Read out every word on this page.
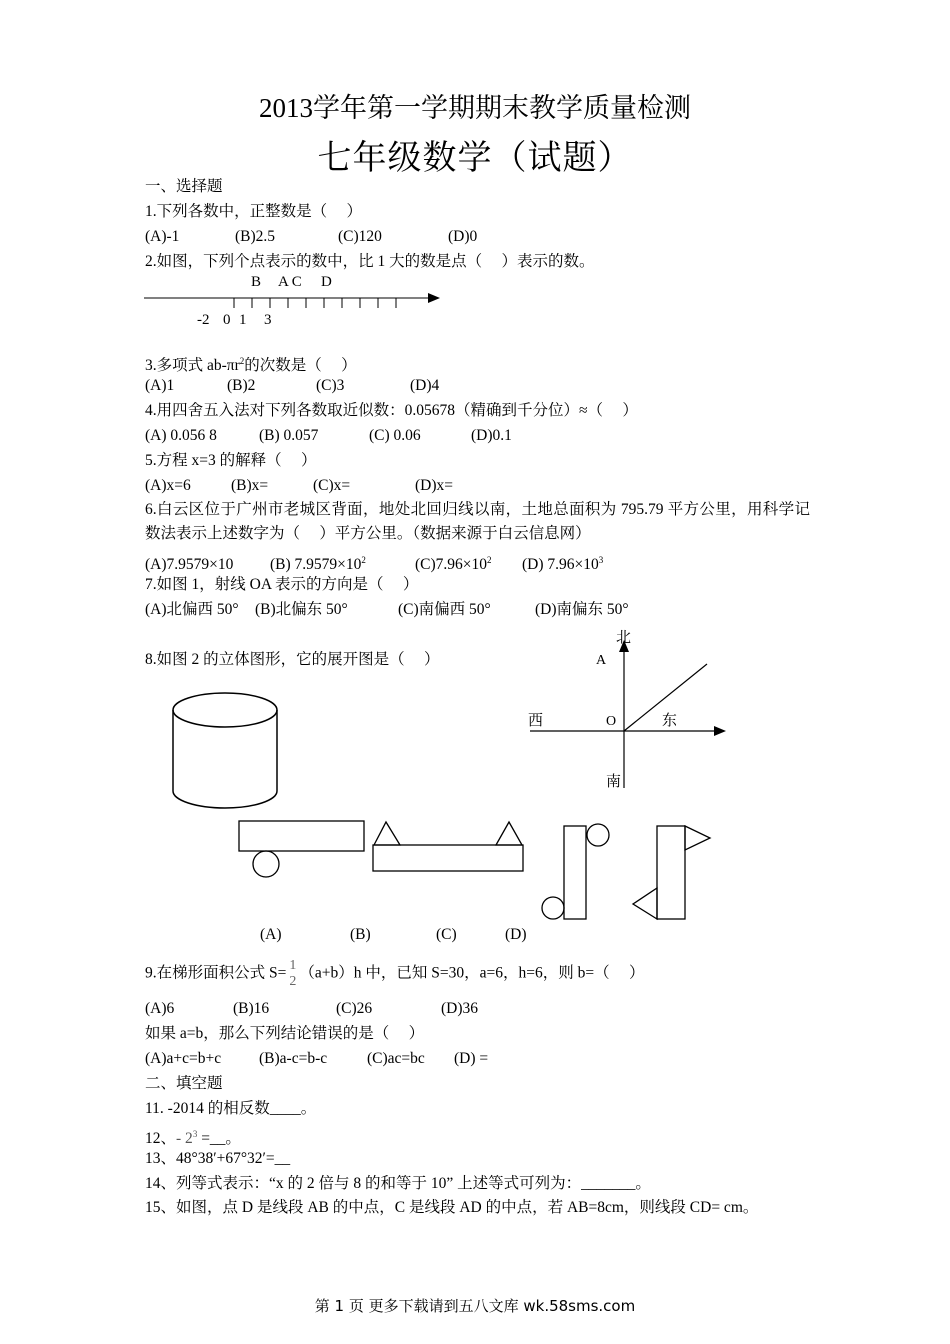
2013学年第一学期期末教学质量检测
七年级数学（试题）
一、选择题
1.下列各数中，正整数是（　 ）
(A)-1	(B)2.5	(C)120	(D)0
2.如图，下列个点表示的数中，比 1 大的数是点（　 ）表示的数。
B A C D
-2 0 1 3
3.多项式 $ab-\pi r^2$的次数是（　 ）
(A)1	(B)2	(C)3	(D)4
4.用四舍五入法对下列各数取近似数：0.05678（精确到千分位）≈（　 ）
(A) 0.056 8	(B) 0.057	(C) 0.06	(D)0.1
5.方程 x=3 的解释（　 ）
(A)x=6	(B)x=	(C)x=	(D)x=
6.白云区位于广州市老城区背面，地处北回归线以南，土地总面积为 795.79 平方公里，用科学记数法表示上述数字为（　 ）平方公里。（数据来源于白云信息网）
(A)7.9579×10 (B) $7.9579\times 10^2$	$(C)7.96\times 10^2$ (D) $7.96\times 10^3$
7.如图 1，射线 OA 表示的方向是（　 ）
(A)北偏西 50° (B)北偏东 50°	(C)南偏西 50°	(D)南偏东 50°
北
A
西	O	东
南
8.如图 2 的立体图形，它的展开图是（　 ）
(A)	(B)	(C)	(D)
9.在梯形面积公式 S= 1
2 （a+b）h 中，已知 S=30，a=6，h=6，则 b=（　 ）
(A)6	(B)16	(C)26	(D)36
如果 a=b，那么下列结论错误的是（　 ）
(A)a+c=b+c (B)a-c=b-c	(C)ac=bc (D) =
二、填空题
11. -2014 的相反数____。
12、- $2^3$ =__。
13、48°38′+67°32′=__
14、列等式表示：“x 的 2 倍与 8 的和等于 10” 上述等式可列为：_______。
15、如图，点 D 是线段 AB 的中点，C 是线段 AD 的中点，若 AB=8cm，则线段 CD= cm。
第 1 页 更多下载请到五八文库 wk.58sms.com
